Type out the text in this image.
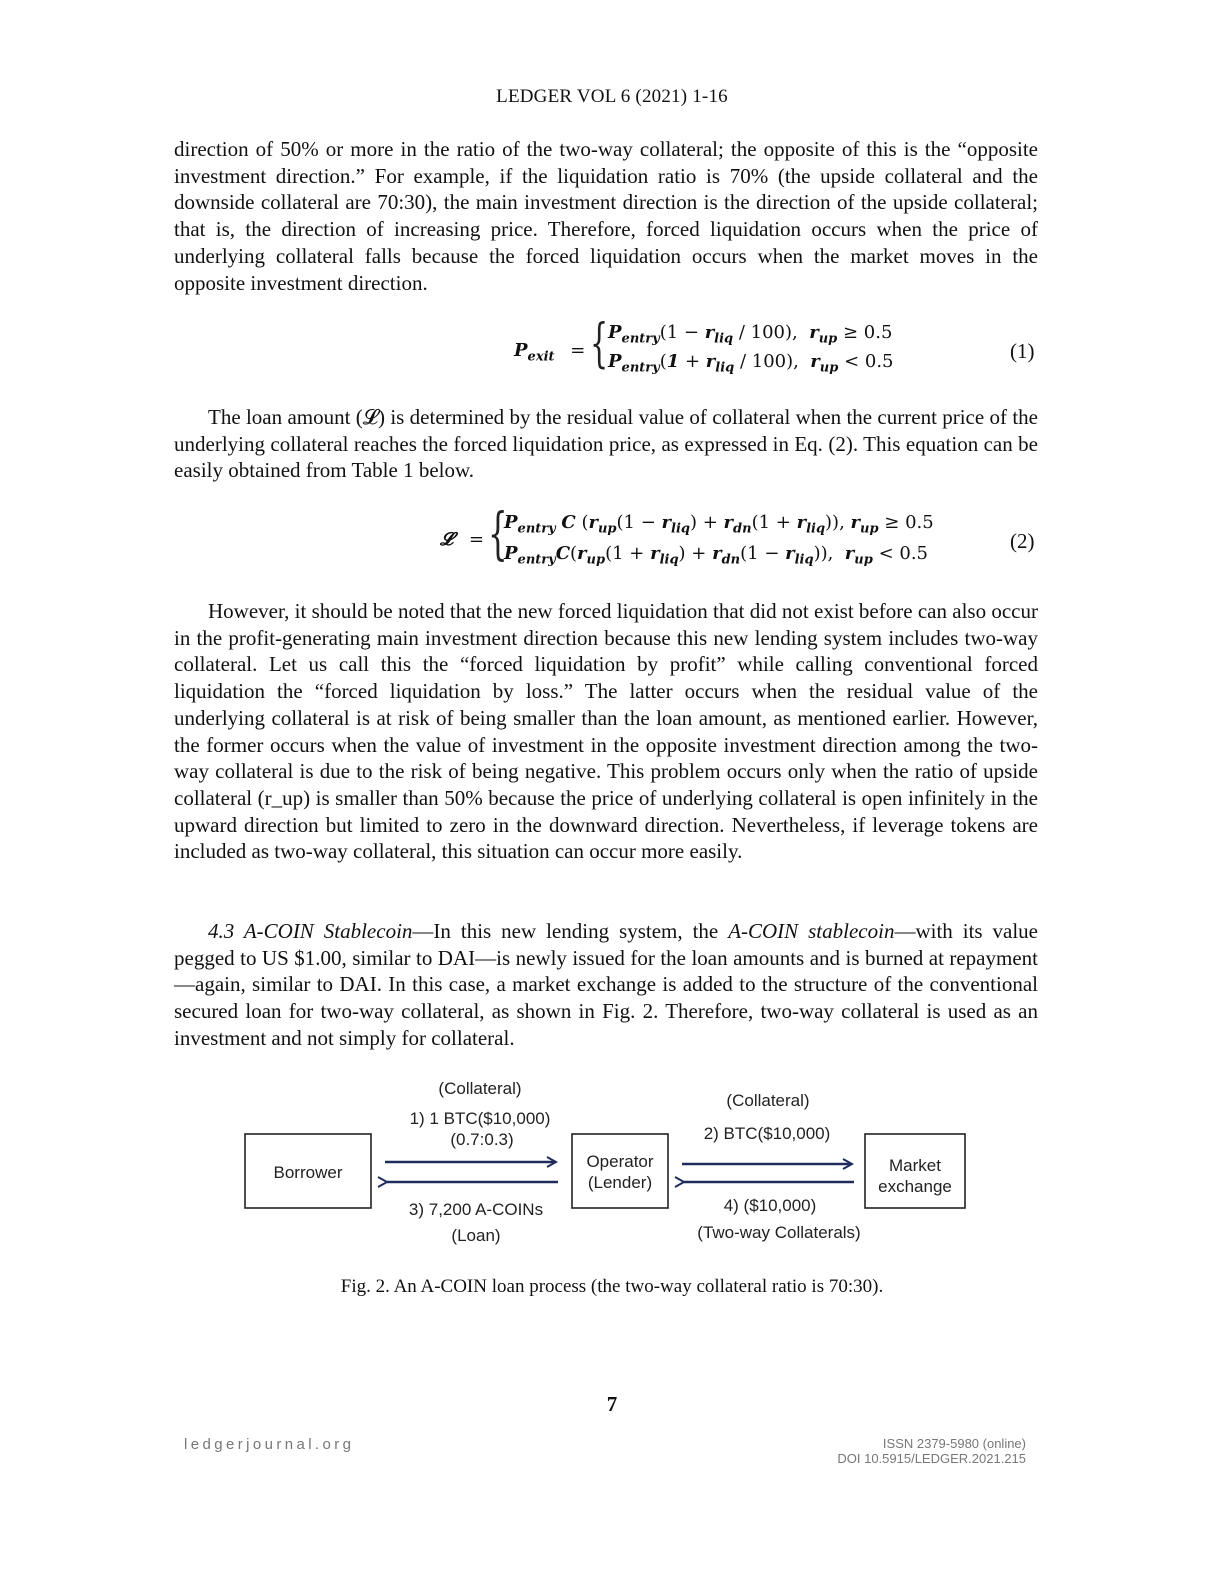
LEDGER VOL 6 (2021) 1-16

direction of 50% or more in the ratio of the two-way collateral; the opposite of this is the “opposite investment direction.” For example, if the liquidation ratio is 70% (the upside collateral and the downside collateral are 70:30), the main investment direction is the direction of the upside collateral; that is, the direction of increasing price. Therefore, forced liquidation occurs when the price of underlying collateral falls because the forced liquidation occurs when the market moves in the opposite investment direction.

$P_{exit}$ = { $P_{entry}(1 - r_{liq} / 100)$,  $r_{up} \ge 0.5$
$P_{entry}(1 + r_{liq} / 100)$,  $r_{up} < 0.5$	(1)

The loan amount (𝓛) is determined by the residual value of collateral when the current price of the underlying collateral reaches the forced liquidation price, as expressed in Eq. (2). This equation can be easily obtained from Table 1 below.

𝓛 = {
$P_{entry}$ C $(r_{up}(1 - r_{liq}) + r_{dn}(1 + r_{liq}))$, $r_{up} \ge 0.5$
$P_{entry}C(r_{up}(1 + r_{liq}) + r_{dn}(1 - r_{liq}))$,  $r_{up} < 0.5$
(2)

However, it should be noted that the new forced liquidation that did not exist before can also occur in the profit-generating main investment direction because this new lending system includes two-way collateral. Let us call this the “forced liquidation by profit” while calling conventional forced liquidation the “forced liquidation by loss.” The latter occurs when the residual value of the underlying collateral is at risk of being smaller than the loan amount, as mentioned earlier. However, the former occurs when the value of investment in the opposite investment direction among the two-way collateral is due to the risk of being negative. This problem occurs only when the ratio of upside collateral (r_up) is smaller than 50% because the price of underlying collateral is open infinitely in the upward direction but limited to zero in the downward direction. Nevertheless, if leverage tokens are included as two-way collateral, this situation can occur more easily.

4.3 A-COIN Stablecoin—In this new lending system, the A-COIN stablecoin—with its value pegged to US $1.00, similar to DAI—is newly issued for the loan amounts and is burned at repayment—again, similar to DAI. In this case, a market exchange is added to the structure of the conventional secured loan for two-way collateral, as shown in Fig. 2. Therefore, two-way collateral is used as an investment and not simply for collateral.

Borrower
Operator
(Lender)
Market
exchange
(Collateral)
1) 1 BTC($10,000)
(0.7:0.3)
3) 7,200 A-COINs
(Loan)
(Collateral)
2) BTC($10,000)
4) ($10,000)
(Two-way Collaterals)
Fig. 2. An A-COIN loan process (the two-way collateral ratio is 70:30).
7
ledgerjournal.org	ISSN 2379-5980 (online)
DOI 10.5915/LEDGER.2021.215
